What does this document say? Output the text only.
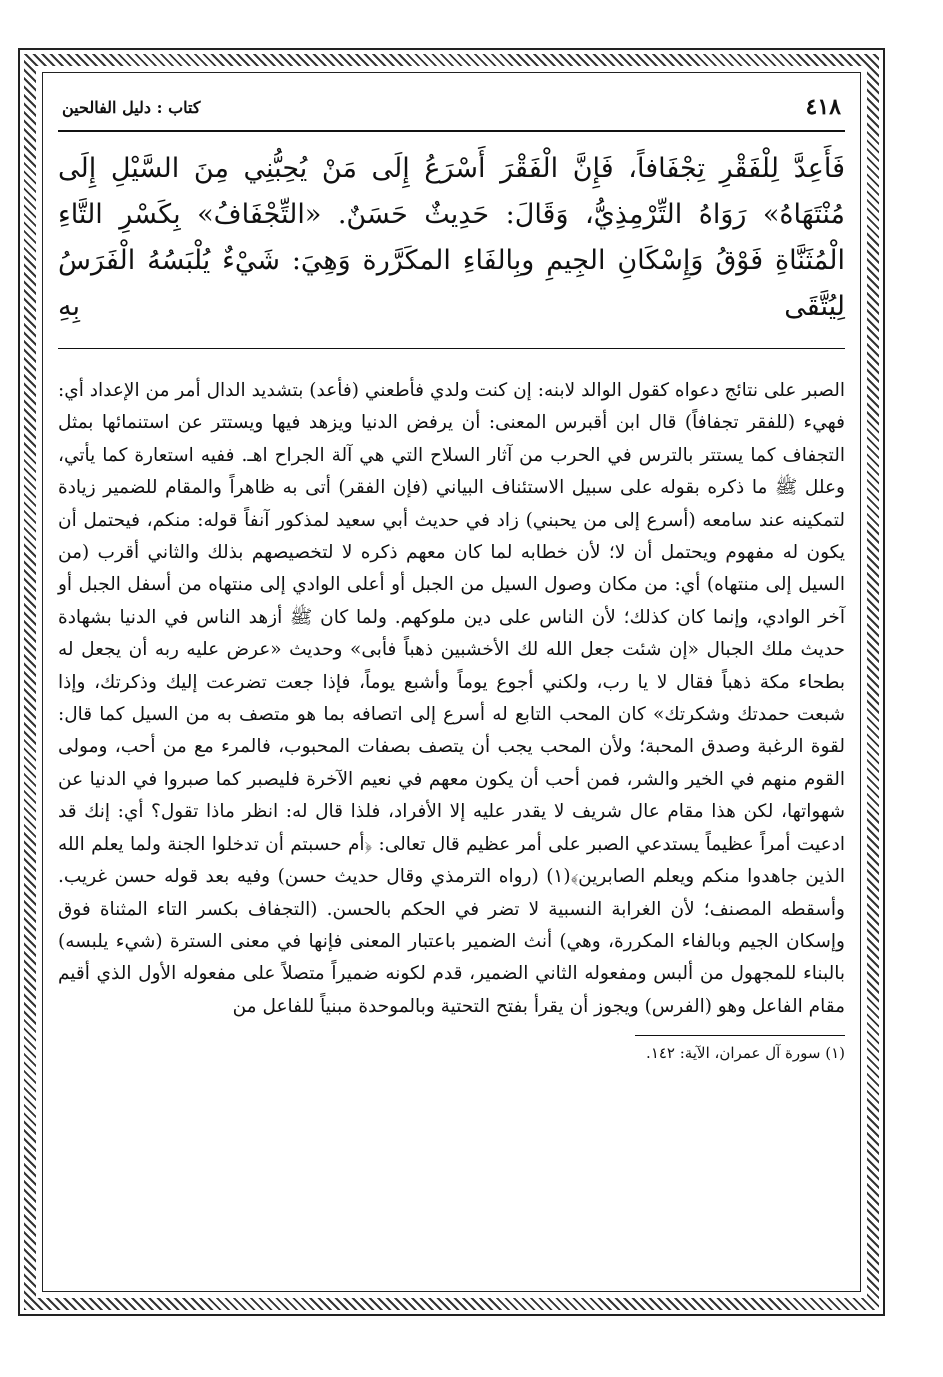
٤١٨
كتاب : دليل الفالحين

فَأَعِدَّ لِلْفَقْرِ تِجْفَافاً، فَإِنَّ الْفَقْرَ أَسْرَعُ إِلَى مَنْ يُحِبُّنِي مِنَ السَّيْلِ إِلَى مُنْتَهَاهُ» رَوَاهُ التِّرْمِذِيُّ، وَقَالَ: حَدِيثٌ حَسَنٌ. «التِّجْفَافُ» بِكَسْرِ التَّاءِ الْمُثَنَّاةِ فَوْقُ وَإِسْكَانِ الجِيمِ وبِالفَاءِ المكَرَّرة وَهِيَ: شَيْءٌ يُلْبَسُهُ الْفَرَسُ لِيُتَّقَى بِهِ

الصبر على نتائج دعواه كقول الوالد لابنه: إن كنت ولدي فأطعني (فأعد) بتشديد الدال أمر من الإعداد أي: فهيء (للفقر تجفافاً) قال ابن أقبرس المعنى: أن يرفض الدنيا ويزهد فيها ويستتر عن استنمائها بمثل التجفاف كما يستتر بالترس في الحرب من آثار السلاح التي هي آلة الجراح اهـ. ففيه استعارة كما يأتي، وعلل ﷺ ما ذكره بقوله على سبيل الاستئناف البياني (فإن الفقر) أتى به ظاهراً والمقام للضمير زيادة لتمكينه عند سامعه (أسرع إلى من يحبني) زاد في حديث أبي سعيد لمذكور آنفاً قوله: منكم، فيحتمل أن يكون له مفهوم ويحتمل أن لا؛ لأن خطابه لما كان معهم ذكره لا لتخصيصهم بذلك والثاني أقرب (من السيل إلى منتهاه) أي: من مكان وصول السيل من الجبل أو أعلى الوادي إلى منتهاه من أسفل الجبل أو آخر الوادي، وإنما كان كذلك؛ لأن الناس على دين ملوكهم. ولما كان ﷺ أزهد الناس في الدنيا بشهادة حديث ملك الجبال «إن شئت جعل الله لك الأخشبين ذهباً فأبى» وحديث «عرض عليه ربه أن يجعل له بطحاء مكة ذهباً فقال لا يا رب، ولكني أجوع يوماً وأشبع يوماً، فإذا جعت تضرعت إليك وذكرتك، وإذا شبعت حمدتك وشكرتك» كان المحب التابع له أسرع إلى اتصافه بما هو متصف به من السيل كما قال: لقوة الرغبة وصدق المحبة؛ ولأن المحب يجب أن يتصف بصفات المحبوب، فالمرء مع من أحب، ومولى القوم منهم في الخير والشر، فمن أحب أن يكون معهم في نعيم الآخرة فليصبر كما صبروا في الدنيا عن شهواتها، لكن هذا مقام عال شريف لا يقدر عليه إلا الأفراد، فلذا قال له: انظر ماذا تقول؟ أي: إنك قد ادعيت أمراً عظيماً يستدعي الصبر على أمر عظيم قال تعالى: ﴿أم حسبتم أن تدخلوا الجنة ولما يعلم الله الذين جاهدوا منكم ويعلم الصابرين﴾(١) (رواه الترمذي وقال حديث حسن) وفيه بعد قوله حسن غريب. وأسقطه المصنف؛ لأن الغرابة النسبية لا تضر في الحكم بالحسن. (التجفاف بكسر التاء المثناة فوق وإسكان الجيم وبالفاء المكررة، وهي) أنث الضمير باعتبار المعنى فإنها في معنى السترة (شيء يلبسه) بالبناء للمجهول من ألبس ومفعوله الثاني الضمير، قدم لكونه ضميراً متصلاً على مفعوله الأول الذي أقيم مقام الفاعل وهو (الفرس) ويجوز أن يقرأ بفتح التحتية وبالموحدة مبنياً للفاعل من

(١) سورة آل عمران، الآية: ١٤٢.
